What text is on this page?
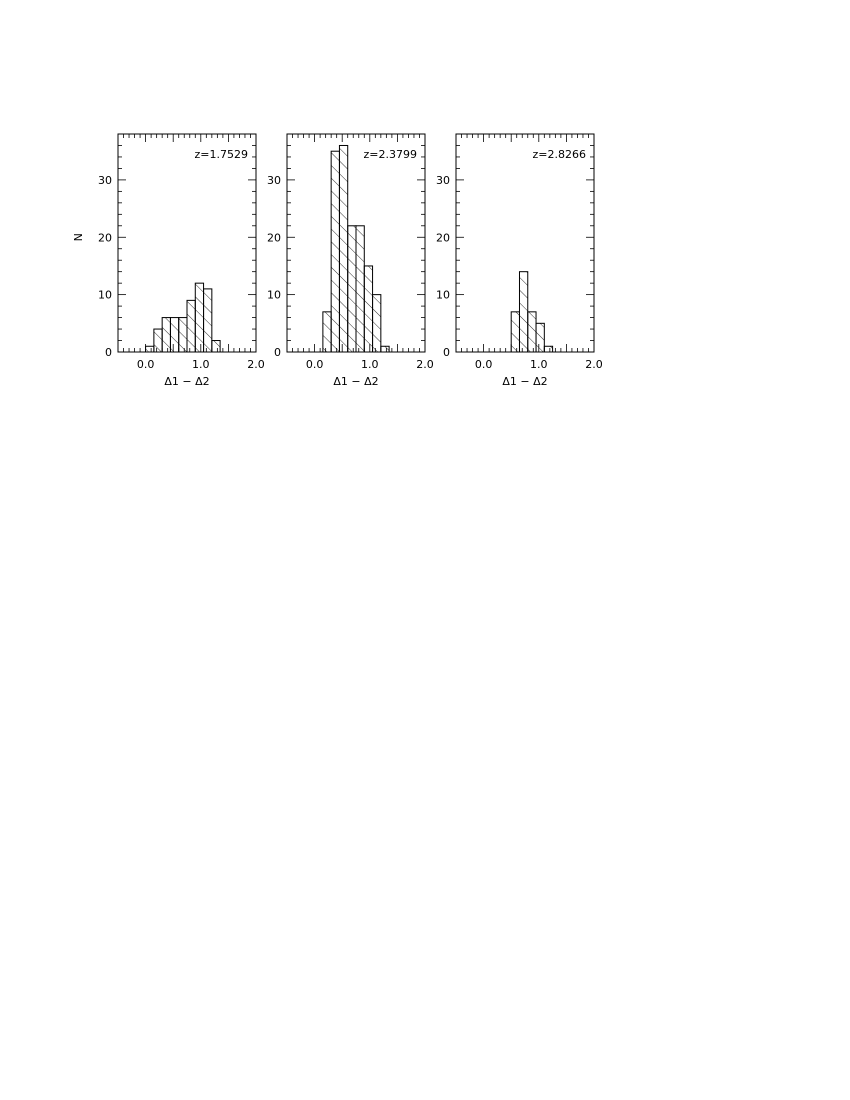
0
10
20
30
0.0	1.0	2.0
Δ1 − Δ2
z=1.7529
N
0
10
20
30
0.0	1.0	2.0
Δ1 − Δ2
z=2.3799
0
10
20
30
0.0	1.0	2.0
Δ1 − Δ2
z=2.8266
